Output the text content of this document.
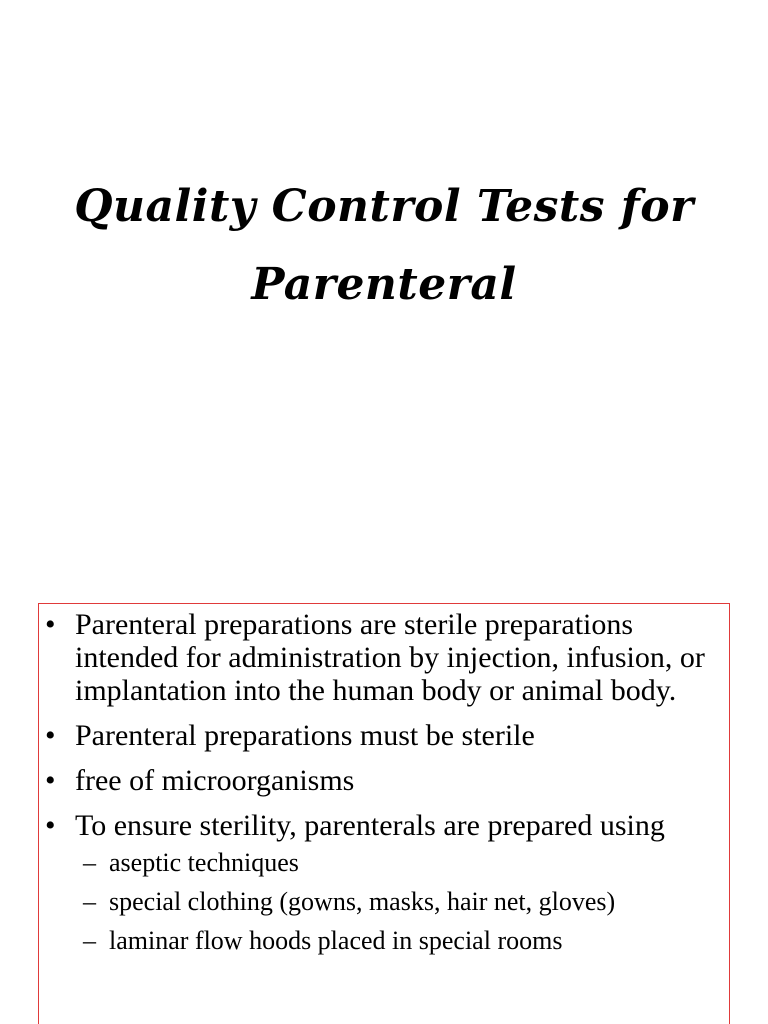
Quality Control Tests for
Parenteral
• Parenteral preparations are sterile preparations intended for administration by injection, infusion, or implantation into the human body or animal body.
• Parenteral preparations must be sterile
• free of microorganisms
• To ensure sterility, parenterals are prepared using
– aseptic techniques
– special clothing (gowns, masks, hair net, gloves)
– laminar flow hoods placed in special rooms
